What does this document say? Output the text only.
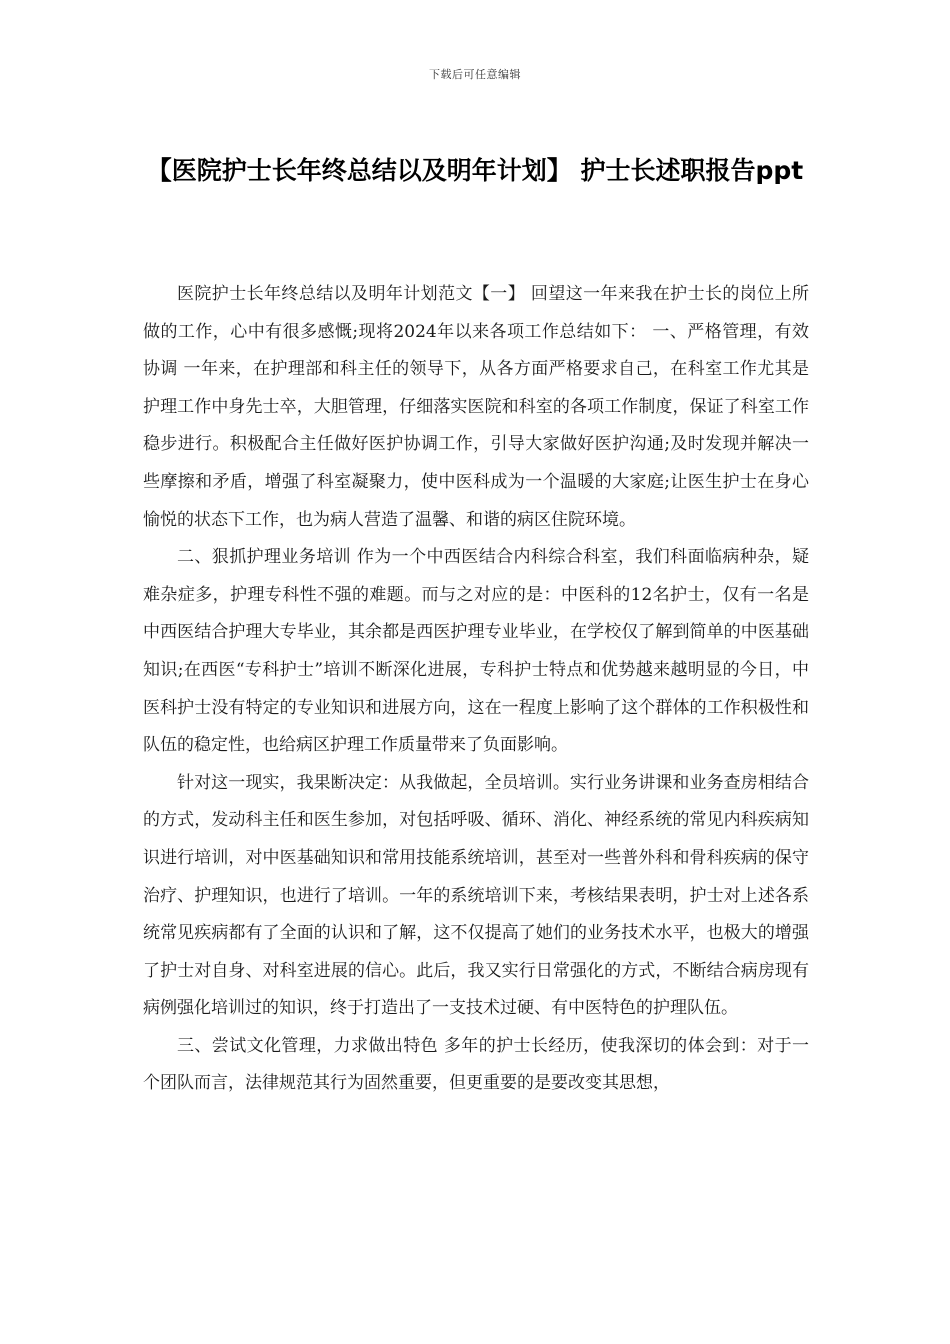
下载后可任意编辑
【医院护士长年终总结以及明年计划】 护士长述职报告ppt

医院护士长年终总结以及明年计划范文【一】 回望这一年来我在护士长的岗位上所做的工作，心中有很多感慨;现将2024年以来各项工作总结如下： 一、严格管理，有效协调 一年来，在护理部和科主任的领导下，从各方面严格要求自己，在科室工作尤其是护理工作中身先士卒，大胆管理，仔细落实医院和科室的各项工作制度，保证了科室工作稳步进行。积极配合主任做好医护协调工作，引导大家做好医护沟通;及时发现并解决一些摩擦和矛盾，增强了科室凝聚力，使中医科成为一个温暖的大家庭;让医生护士在身心愉悦的状态下工作，也为病人营造了温馨、和谐的病区住院环境。

二、狠抓护理业务培训 作为一个中西医结合内科综合科室，我们科面临病种杂，疑难杂症多，护理专科性不强的难题。而与之对应的是：中医科的12名护士，仅有一名是中西医结合护理大专毕业，其余都是西医护理专业毕业，在学校仅了解到简单的中医基础知识;在西医“专科护士”培训不断深化进展，专科护士特点和优势越来越明显的今日，中医科护士没有特定的专业知识和进展方向，这在一程度上影响了这个群体的工作积极性和队伍的稳定性，也给病区护理工作质量带来了负面影响。

针对这一现实，我果断决定：从我做起，全员培训。实行业务讲课和业务查房相结合的方式，发动科主任和医生参加，对包括呼吸、循环、消化、神经系统的常见内科疾病知识进行培训，对中医基础知识和常用技能系统培训，甚至对一些普外科和骨科疾病的保守治疗、护理知识，也进行了培训。一年的系统培训下来，考核结果表明，护士对上述各系统常见疾病都有了全面的认识和了解，这不仅提高了她们的业务技术水平，也极大的增强了护士对自身、对科室进展的信心。此后，我又实行日常强化的方式，不断结合病房现有病例强化培训过的知识，终于打造出了一支技术过硬、有中医特色的护理队伍。

三、尝试文化管理，力求做出特色 多年的护士长经历，使我深切的体会到：对于一个团队而言，法律规范其行为固然重要，但更重要的是要改变其思想，
